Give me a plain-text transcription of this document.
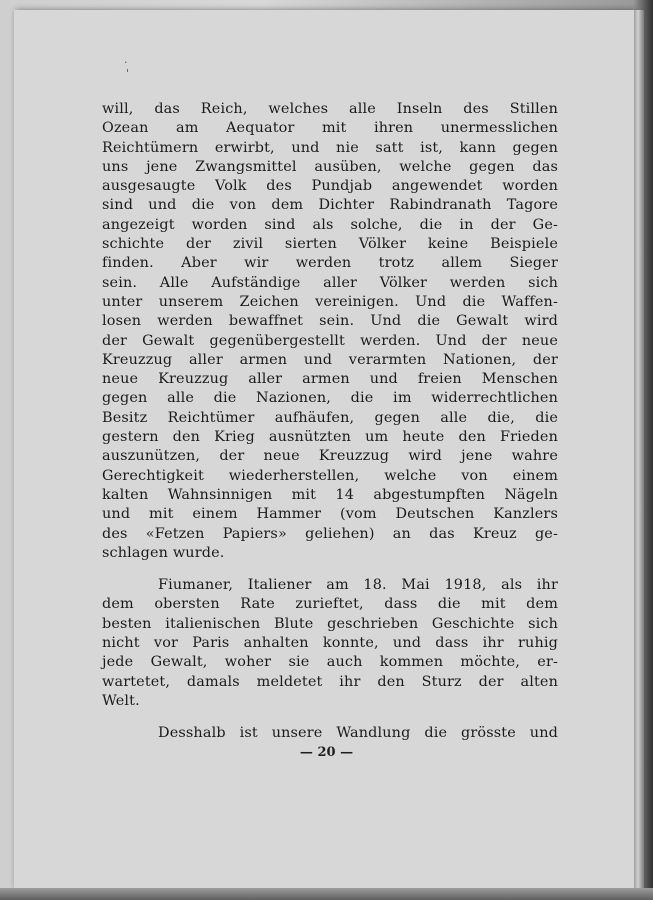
.
'
will, das Reich, welches alle Inseln des Stillen
Ozean am Aequator mit ihren unermesslichen
Reichtümern erwirbt, und nie satt ist, kann gegen
uns jene Zwangsmittel ausüben, welche gegen das
ausgesaugte Volk des Pundjab angewendet worden
sind und die von dem Dichter Rabindranath Tagore
angezeigt worden sind als solche, die in der Ge-
schichte der zivil sierten Völker keine Beispiele
finden. Aber wir werden trotz allem Sieger
sein. Alle Aufständige aller Völker werden sich
unter unserem Zeichen vereinigen. Und die Waffen-
losen werden bewaffnet sein. Und die Gewalt wird
der Gewalt gegenübergestellt werden. Und der neue
Kreuzzug aller armen und verarmten Nationen, der
neue Kreuzzug aller armen und freien Menschen
gegen alle die Nazionen, die im widerrechtlichen
Besitz Reichtümer aufhäufen, gegen alle die, die
gestern den Krieg ausnützten um heute den Frieden
auszunützen, der neue Kreuzzug wird jene wahre
Gerechtigkeit wiederherstellen, welche von einem
kalten Wahnsinnigen mit 14 abgestumpften Nägeln
und mit einem Hammer (vom Deutschen Kanzlers
des «Fetzen Papiers» geliehen) an das Kreuz ge-
schlagen wurde.
Fiumaner, Italiener am 18. Mai 1918, als ihr
dem obersten Rate zurieftet, dass die mit dem
besten italienischen Blute geschrieben Geschichte sich
nicht vor Paris anhalten konnte, und dass ihr ruhig
jede Gewalt, woher sie auch kommen möchte, er-
wartetet, damals meldetet ihr den Sturz der alten
Welt.
Desshalb ist unsere Wandlung die grösste und
— 20 —
